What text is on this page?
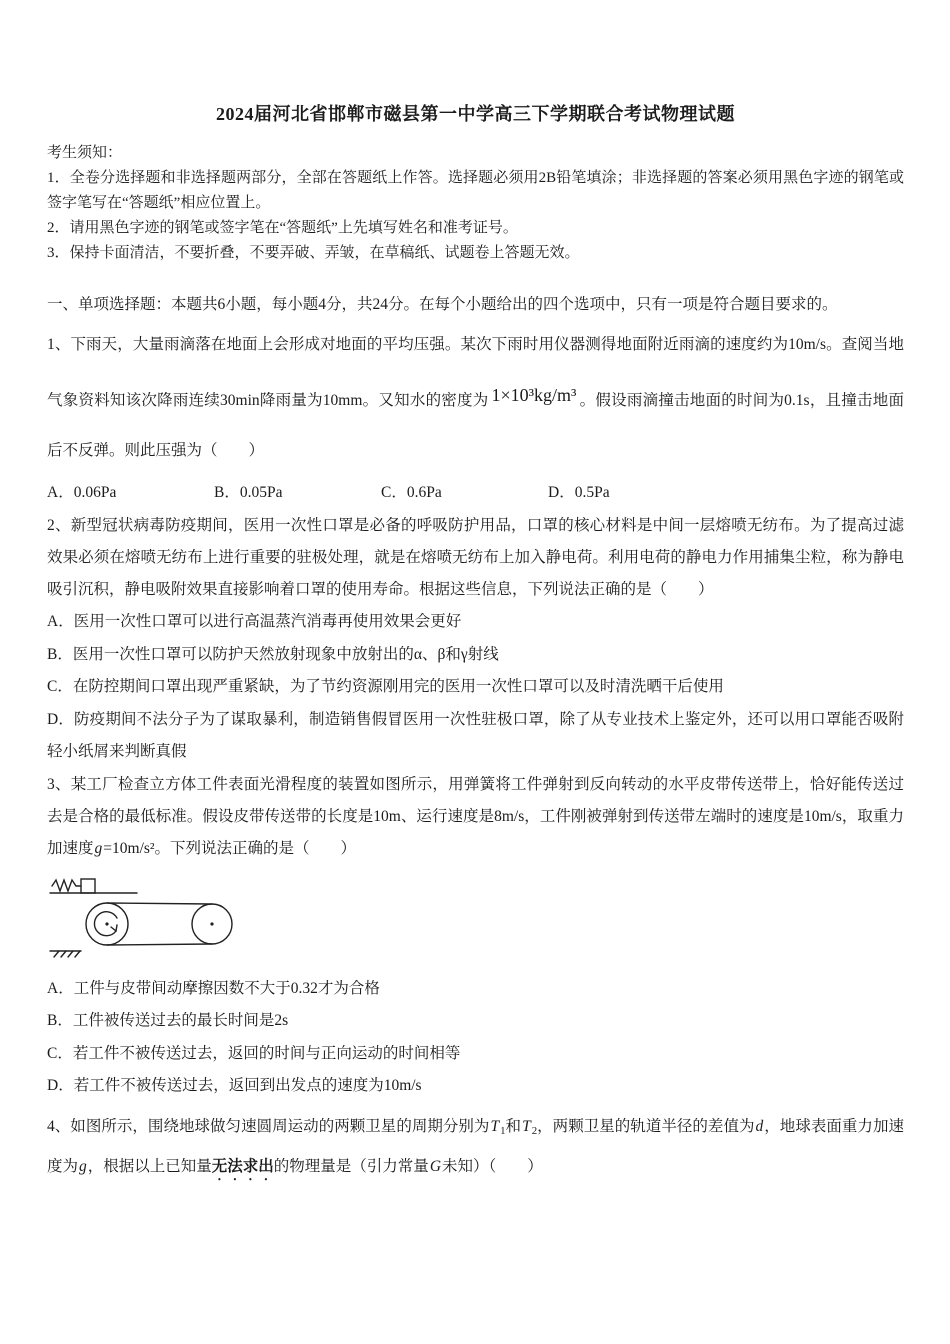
2024届河北省邯郸市磁县第一中学高三下学期联合考试物理试题

考生须知：

1．全卷分选择题和非选择题两部分，全部在答题纸上作答。选择题必须用2B铅笔填涂；非选择题的答案必须用黑色字迹的钢笔或签字笔写在“答题纸”相应位置上。

2．请用黑色字迹的钢笔或签字笔在“答题纸”上先填写姓名和准考证号。

3．保持卡面清洁，不要折叠，不要弄破、弄皱，在草稿纸、试题卷上答题无效。

一、单项选择题：本题共6小题，每小题4分，共24分。在每个小题给出的四个选项中，只有一项是符合题目要求的。

1、下雨天，大量雨滴落在地面上会形成对地面的平均压强。某次下雨时用仪器测得地面附近雨滴的速度约为10m/s。查阅当地气象资料知该次降雨连续30min降雨量为10mm。又知水的密度为 1×10³kg/m³ 。假设雨滴撞击地面的时间为0.1s，且撞击地面后不反弹。则此压强为（　　）

A．0.06Pa	B．0.05Pa	C．0.6Pa	D．0.5Pa

2、新型冠状病毒防疫期间，医用一次性口罩是必备的呼吸防护用品，口罩的核心材料是中间一层熔喷无纺布。为了提高过滤效果必须在熔喷无纺布上进行重要的驻极处理，就是在熔喷无纺布上加入静电荷。利用电荷的静电力作用捕集尘粒，称为静电吸引沉积，静电吸附效果直接影响着口罩的使用寿命。根据这些信息，下列说法正确的是（　　）

A．医用一次性口罩可以进行高温蒸汽消毒再使用效果会更好

B．医用一次性口罩可以防护天然放射现象中放射出的α、β和γ射线

C．在防控期间口罩出现严重紧缺，为了节约资源刚用完的医用一次性口罩可以及时清洗晒干后使用

D．防疫期间不法分子为了谋取暴利，制造销售假冒医用一次性驻极口罩，除了从专业技术上鉴定外，还可以用口罩能否吸附轻小纸屑来判断真假

3、某工厂检查立方体工件表面光滑程度的装置如图所示，用弹簧将工件弹射到反向转动的水平皮带传送带上，恰好能传送过去是合格的最低标准。假设皮带传送带的长度是10m、运行速度是8m/s，工件刚被弹射到传送带左端时的速度是10m/s，取重力加速度g=10m/s²。下列说法正确的是（　　）

A．工件与皮带间动摩擦因数不大于0.32才为合格

B．工件被传送过去的最长时间是2s

C．若工件不被传送过去，返回的时间与正向运动的时间相等

D．若工件不被传送过去，返回到出发点的速度为10m/s

4、如图所示，围绕地球做匀速圆周运动的两颗卫星的周期分别为T1和T2，两颗卫星的轨道半径的差值为d，地球表面重力加速度为g，根据以上已知量无法求出的物理量是（引力常量G未知）（　　）
